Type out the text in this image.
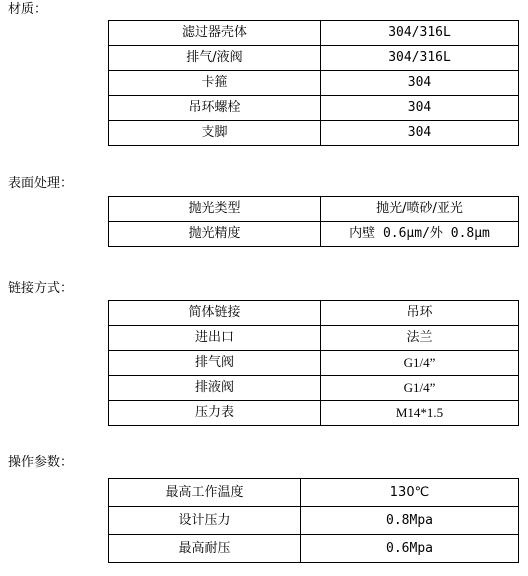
材质：
滤过器壳体	304/316L
排气/液阀	304/316L
卡箍	304
吊环螺栓	304
支脚	304
表面处理：
抛光类型	抛光/喷砂/亚光
抛光精度	内壁 0.6μm/外 0.8μm
链接方式：
简体链接	吊环
进出口	法兰
排气阀	G1/4”
排液阀	G1/4”
压力表	M14*1.5
操作参数：
最高工作温度	130℃
设计压力	0.8Mpa
最高耐压	0.6Mpa
